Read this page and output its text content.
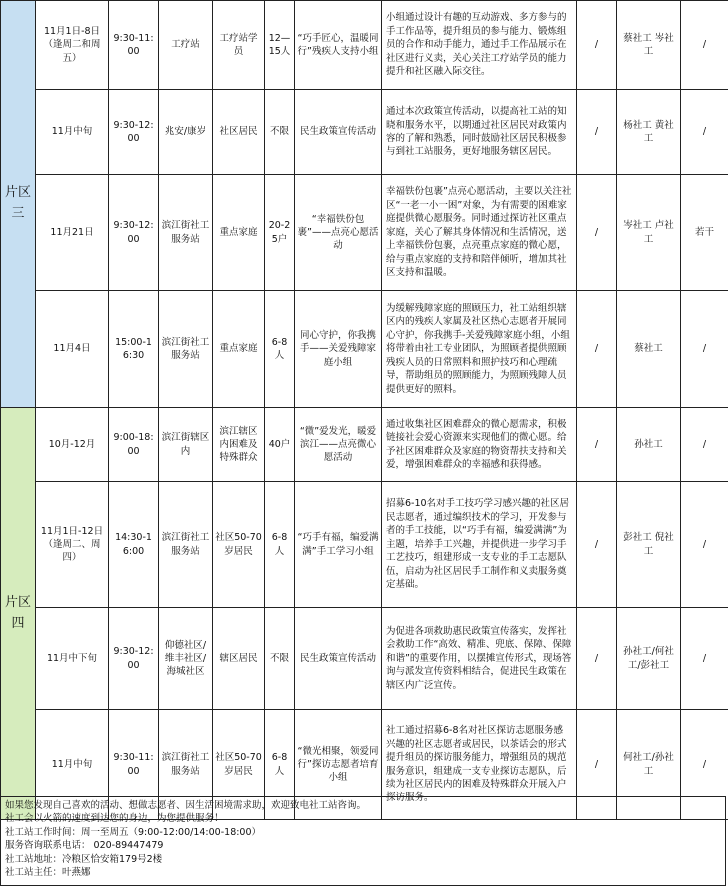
片区三	11月1日-8日（逢周二和周五）	9:30-11:00	工疗站	工疗站学员	12—15人	“巧手匠心，温暖同行”残疾人支持小组	小组通过设计有趣的互动游戏、多方参与的手工作品等，提升组员的参与能力、锻炼组员的合作和动手能力，通过手工作品展示在社区进行义卖，关心关注工疗站学员的能力提升和社区融入际交往。	/	蔡社工 岑社工	/
	11月中旬	9:30-12:00	兆安/康岁	社区居民	不限	民生政策宣传活动	通过本次政策宣传活动，以提高社工站的知晓和服务水平，以期通过社区居民对政策内容的了解和熟悉，同时鼓励社区居民积极参与到社工站服务，更好地服务辖区居民。	/	杨社工 黄社工	/
	11月21日	9:30-12:00	滨江街社工服务站	重点家庭	20-25户	“幸福铁份包裹”——点亮心愿活动	幸福铁份包裹”点亮心愿活动，主要以关注社区“一老一小一困”对象，为有需要的困难家庭提供微心愿服务。同时通过探访社区重点家庭，关心了解其身体情况和生活情况，送上幸福铁份包裹，点亮重点家庭的微心愿，给与重点家庭的支持和陪伴倾听，增加其社区支持和温暖。	/	岑社工 卢社工	若干
	11月4日	15:00-16:30	滨江街社工服务站	重点家庭	6-8人	同心守护，你我携手——关爱残障家庭小组	为缓解残障家庭的照顾压力，社工站组织辖区内的残疾人家属及社区热心志愿者开展同心守护，你我携手-关爱残障家庭小组，小组将带着由社工专业团队，为照顾者提供照顾残疾人员的日常照料和照护技巧和心理疏导，帮助组员的照顾能力，为照顾残障人员提供更好的照料。	/	蔡社工	/
片区四	10月-12月	9:00-18:00	滨江街辖区内	滨江辖区内困难及特殊群众	40户	“微”爱发光，暖爱滨江——点亮微心愿活动	通过收集社区困难群众的微心愿需求，积极链接社会爱心资源来实现他们的微心愿。给予社区困难群众及家庭的物资帮扶支持和关爱，增强困难群众的幸福感和获得感。	/	孙社工	/
	11月1日-12日（逢周二、周四）	14:30-16:00	滨江街社工服务站	社区50-70岁居民	6-8人	“巧手有福，编爱满满”手工学习小组	招募6-10名对手工技巧学习感兴趣的社区居民志愿者，通过编织技术的学习，开发参与者的手工技能，以“巧手有福，编爱满满”为主题，培养手工兴趣，并提供进一步学习手工艺技巧，组建形成一支专业的手工志愿队伍，启动为社区居民手工制作和义卖服务奠定基础。	/	彭社工 倪社工	/
	11月中下旬	9:30-12:00	仰德社区/维丰社区/海城社区	辖区居民	不限	民生政策宣传活动	为促进各项救助惠民政策宣传落实，发挥社会救助工作“高效、精准、兜底、保障、保障和谐”的重要作用，以摆摊宣传形式，现场答询与派发宣传资料相结合，促进民生政策在辖区内广泛宣传。	/	孙社工/何社工/彭社工	/
	11月中旬	9:30-11:00	滨江街社工服务站	社区50-70岁居民	6-8人	“微光相聚，领爱同行”探访志愿者培育小组	社工通过招募6-8名对社区探访志愿服务感兴趣的社区志愿者或居民，以茶话会的形式提升组员的探访服务能力，增强组员的规范服务意识，组建成一支专业探访志愿队，后续为社区居民内的困难及特殊群众开展入户探访服务。	/	何社工/孙社工	/
如果您发现自己喜欢的活动、想做志愿者、因生活困境需求助，欢迎致电社工站咨询。
社工会以火箭的速度到达您的身边，为您提供服务！
社工站工作时间：周一至周五（9:00-12:00/14:00-18:00）
服务咨询联系电话： 020-89447479
社工站地址：冷粮区恰安箱179号2楼
社工站主任：叶燕娜
